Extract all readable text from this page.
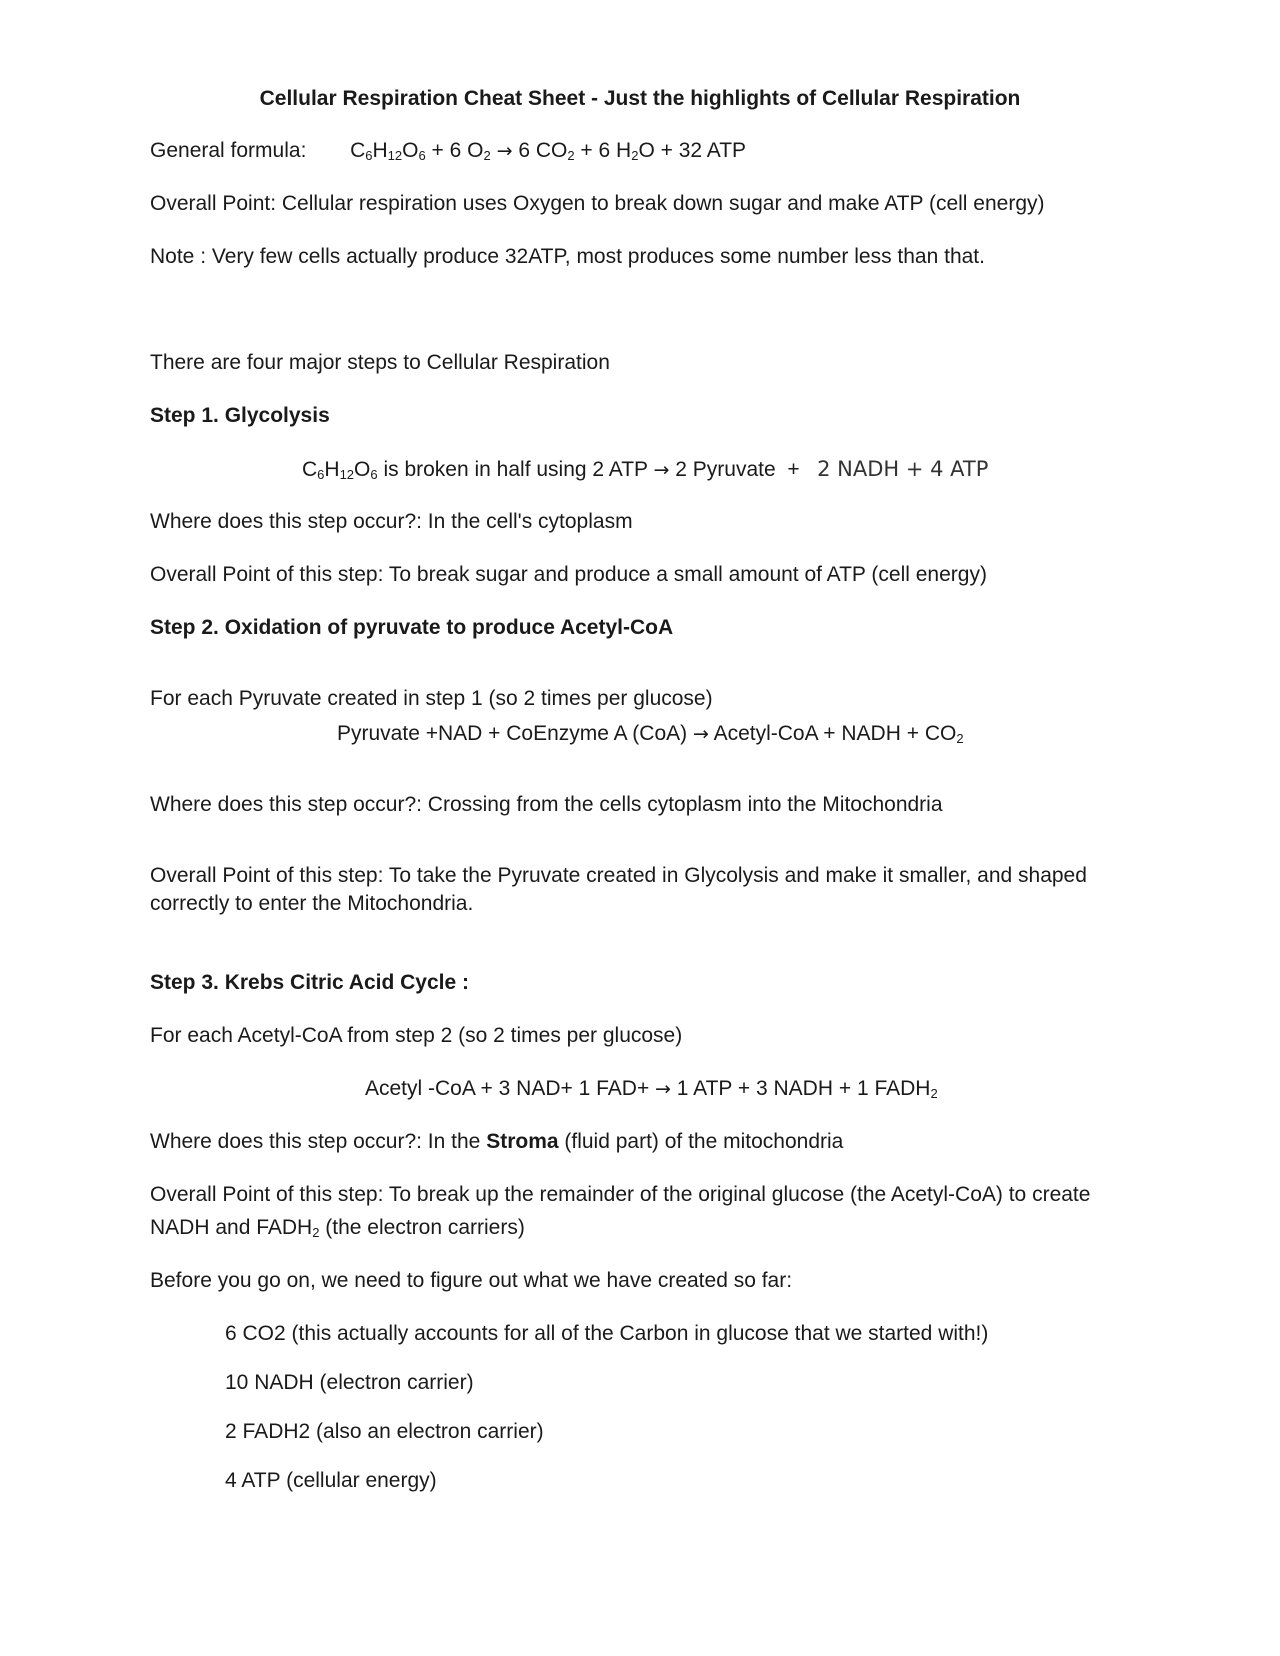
Cellular Respiration Cheat Sheet - Just the highlights of Cellular Respiration
General formula: $C_6H_{12}O_6 + 6$ $O_2 \to 6$ $CO_2 + 6$ $H_2O + 32$ ATP
Overall Point: Cellular respiration uses Oxygen to break down sugar and make ATP (cell energy)
Note : Very few cells actually produce 32ATP, most produces some number less than that.
There are four major steps to Cellular Respiration
Step 1. Glycolysis
$C_6H_{12}O_6$ is broken in half using 2 ATP → 2 Pyruvate  +   2 NADH + 4 ATP
Where does this step occur?: In the cell's cytoplasm
Overall Point of this step: To break sugar and produce a small amount of ATP (cell energy)
Step 2. Oxidation of pyruvate to produce Acetyl-CoA
For each Pyruvate created in step 1 (so 2 times per glucose)
Pyruvate +NAD + CoEnzyme A (CoA) → Acetyl-CoA + NADH + $CO_2$
Where does this step occur?: Crossing from the cells cytoplasm into the Mitochondria
Overall Point of this step: To take the Pyruvate created in Glycolysis and make it smaller, and shaped
correctly to enter the Mitochondria.
Step 3. Krebs Citric Acid Cycle :
For each Acetyl-CoA from step 2 (so 2 times per glucose)
Acetyl -CoA + 3 NAD+ 1 FAD+ → 1 ATP + 3 NADH + 1 $FADH_2$
Where does this step occur?: In the Stroma (fluid part) of the mitochondria
Overall Point of this step: To break up the remainder of the original glucose (the Acetyl-CoA) to create
NADH and $FADH_2$ (the electron carriers)
Before you go on, we need to figure out what we have created so far:
6 CO2 (this actually accounts for all of the Carbon in glucose that we started with!)
10 NADH (electron carrier)
2 FADH2 (also an electron carrier)
4 ATP (cellular energy)
